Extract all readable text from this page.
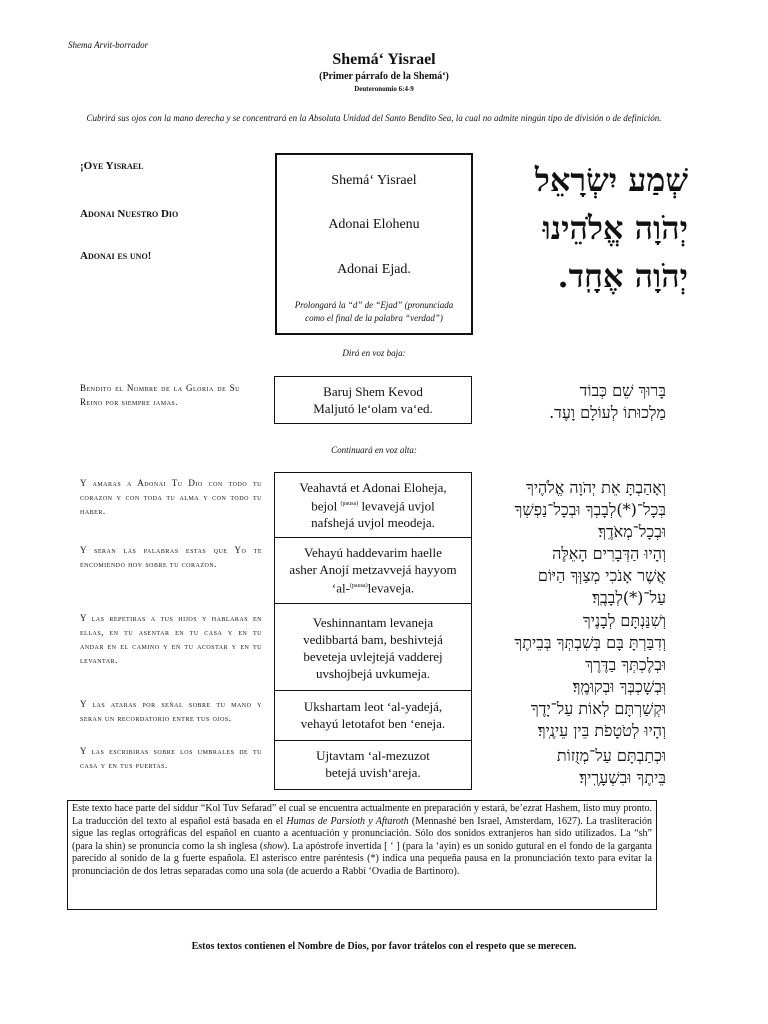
Shema Arvit-borrador
Shemá‘ Yisrael
(Primer párrafo de la Shemá‘)
Deuteronomio 6:4-9
Cubrirá sus ojos con la mano derecha y se concentrará en la Absoluta Unidad del Santo Bendito Sea, la cual no admite ningún tipo de división o de definición.
¡Oye Yisrael
Adonai Nuestro Dio
Adonai es uno!
Shemá‘ Yisrael
Adonai Elohenu
Adonai Ejad.
Prolongará la “d” de “Ejad” (pronunciada como el final de la palabra “verdad”)
שְׁמַע יִשְׂרָאֵל
יְהֹוָה אֱלֹהֵינוּ
יְהֹוָה אֶחָֽד.
Dirá en voz baja:
Bendito el Nombre de la Gloria de Su Reino por siempre jamas.
Baruj Shem Kevod
Maljutó le‘olam va‘ed.
בָּרוּךְ שֵׁם כְּבוֹד
מַלְכוּתוֹ לְעוֹלָם וָעֶד.
Continuará en voz alta:
Veahavtá et Adonai Eloheja,
bejol $^{(pausa)}$ levavejá uvjol
nafshejá uvjol meodeja.
Vehayú haddevarim haelle
asher Anojí metzavvejá hayyom
‘al-$^{(pausa)}$levaveja.
Veshinnantam levaneja
vedibbartá bam, beshivtejá
beveteja uvlejtejá vadderej
uvshojbejá uvkumeja.
Ukshartam leot ‘al-yadejá,
vehayú letotafot ben ‘eneja.
Ujtavtam ‘al-mezuzot
betejá uvish‘areja.
Y amaras a Adonai Tu Dio con todo tu corazon y con toda tu alma y con todo tu haber.
Y seran las palabras estas que Yo te encomiendo hoy sobre tu corazon.
Y las repetiras a tus hijos y hablaras en ellas, en tu asentar en tu casa y en tu andar en el camino y en tu acostar y en tu levantar.
Y las ataras por señal sobre tu mano y seran un recordatorio entre tus ojos.
Y las escribiras sobre los umbrales de tu casa y en tus puertas.
וְאָהַבְתָּ אֵת יְהֹוָה אֱלֹהֶיךָ
בְּכָל־(*)לְבָבְךָ וּבְכָל־נַפְשְׁךָ
וּבְכָל־מְאֹדֶֽךָ׃
וְהָיוּ הַדְּבָרִים הָאֵלֶּה
אֲשֶׁר אָנֹכִי מְצַוְּךָ הַיּוֹם
עַל־(*)לְבָבֶֽךָ׃
וְשִׁנַּנְתָּם לְבָנֶיךָ
וְדִבַּרְתָּ בָּם בְּשִׁבְתְּךָ בְּבֵיתֶךָ
וּבְלֶכְתְּךָ בַדֶּרֶךְ
וּֽבְשָׁכְבְּךָ וּבְקוּמֶֽךָ׃
וּקְשַׁרְתָּם לְאוֹת עַל־יָדֶךָ
וְהָיוּ לְטֹטָפֹת בֵּין עֵינֶֽיךָ׃
וּכְתַבְתָּם עַל־מְזֻזוֹת
בֵּיתֶךָ וּבִשְׁעָרֶֽיךָ׃
Este texto hace parte del siddur “Kol Tuv Sefarad” el cual se encuentra actualmente en preparación y estará, be’ezrat Hashem, listo muy pronto. La traducción del texto al español está basada en el Humas de Parsioth y Aftaroth (Mennashé ben Israel, Amsterdam, 1627). La trasliteración sigue las reglas ortográficas del español en cuanto a acentuación y pronunciación. Sólo dos sonidos extranjeros han sido utilizados. La “sh” (para la shin) se pronuncia como la sh inglesa (show). La apóstrofe invertida [ ‘ ] (para la ‘ayin) es un sonido gutural en el fondo de la garganta parecido al sonido de la g fuerte española. El asterisco entre paréntesis (*) indica una pequeña pausa en la pronunciación texto para evitar la pronunciación de dos letras separadas como una sola (de acuerdo a Rabbí ‘Ovadia de Bartinoro).
Estos textos contienen el Nombre de Dios, por favor trátelos con el respeto que se merecen.
